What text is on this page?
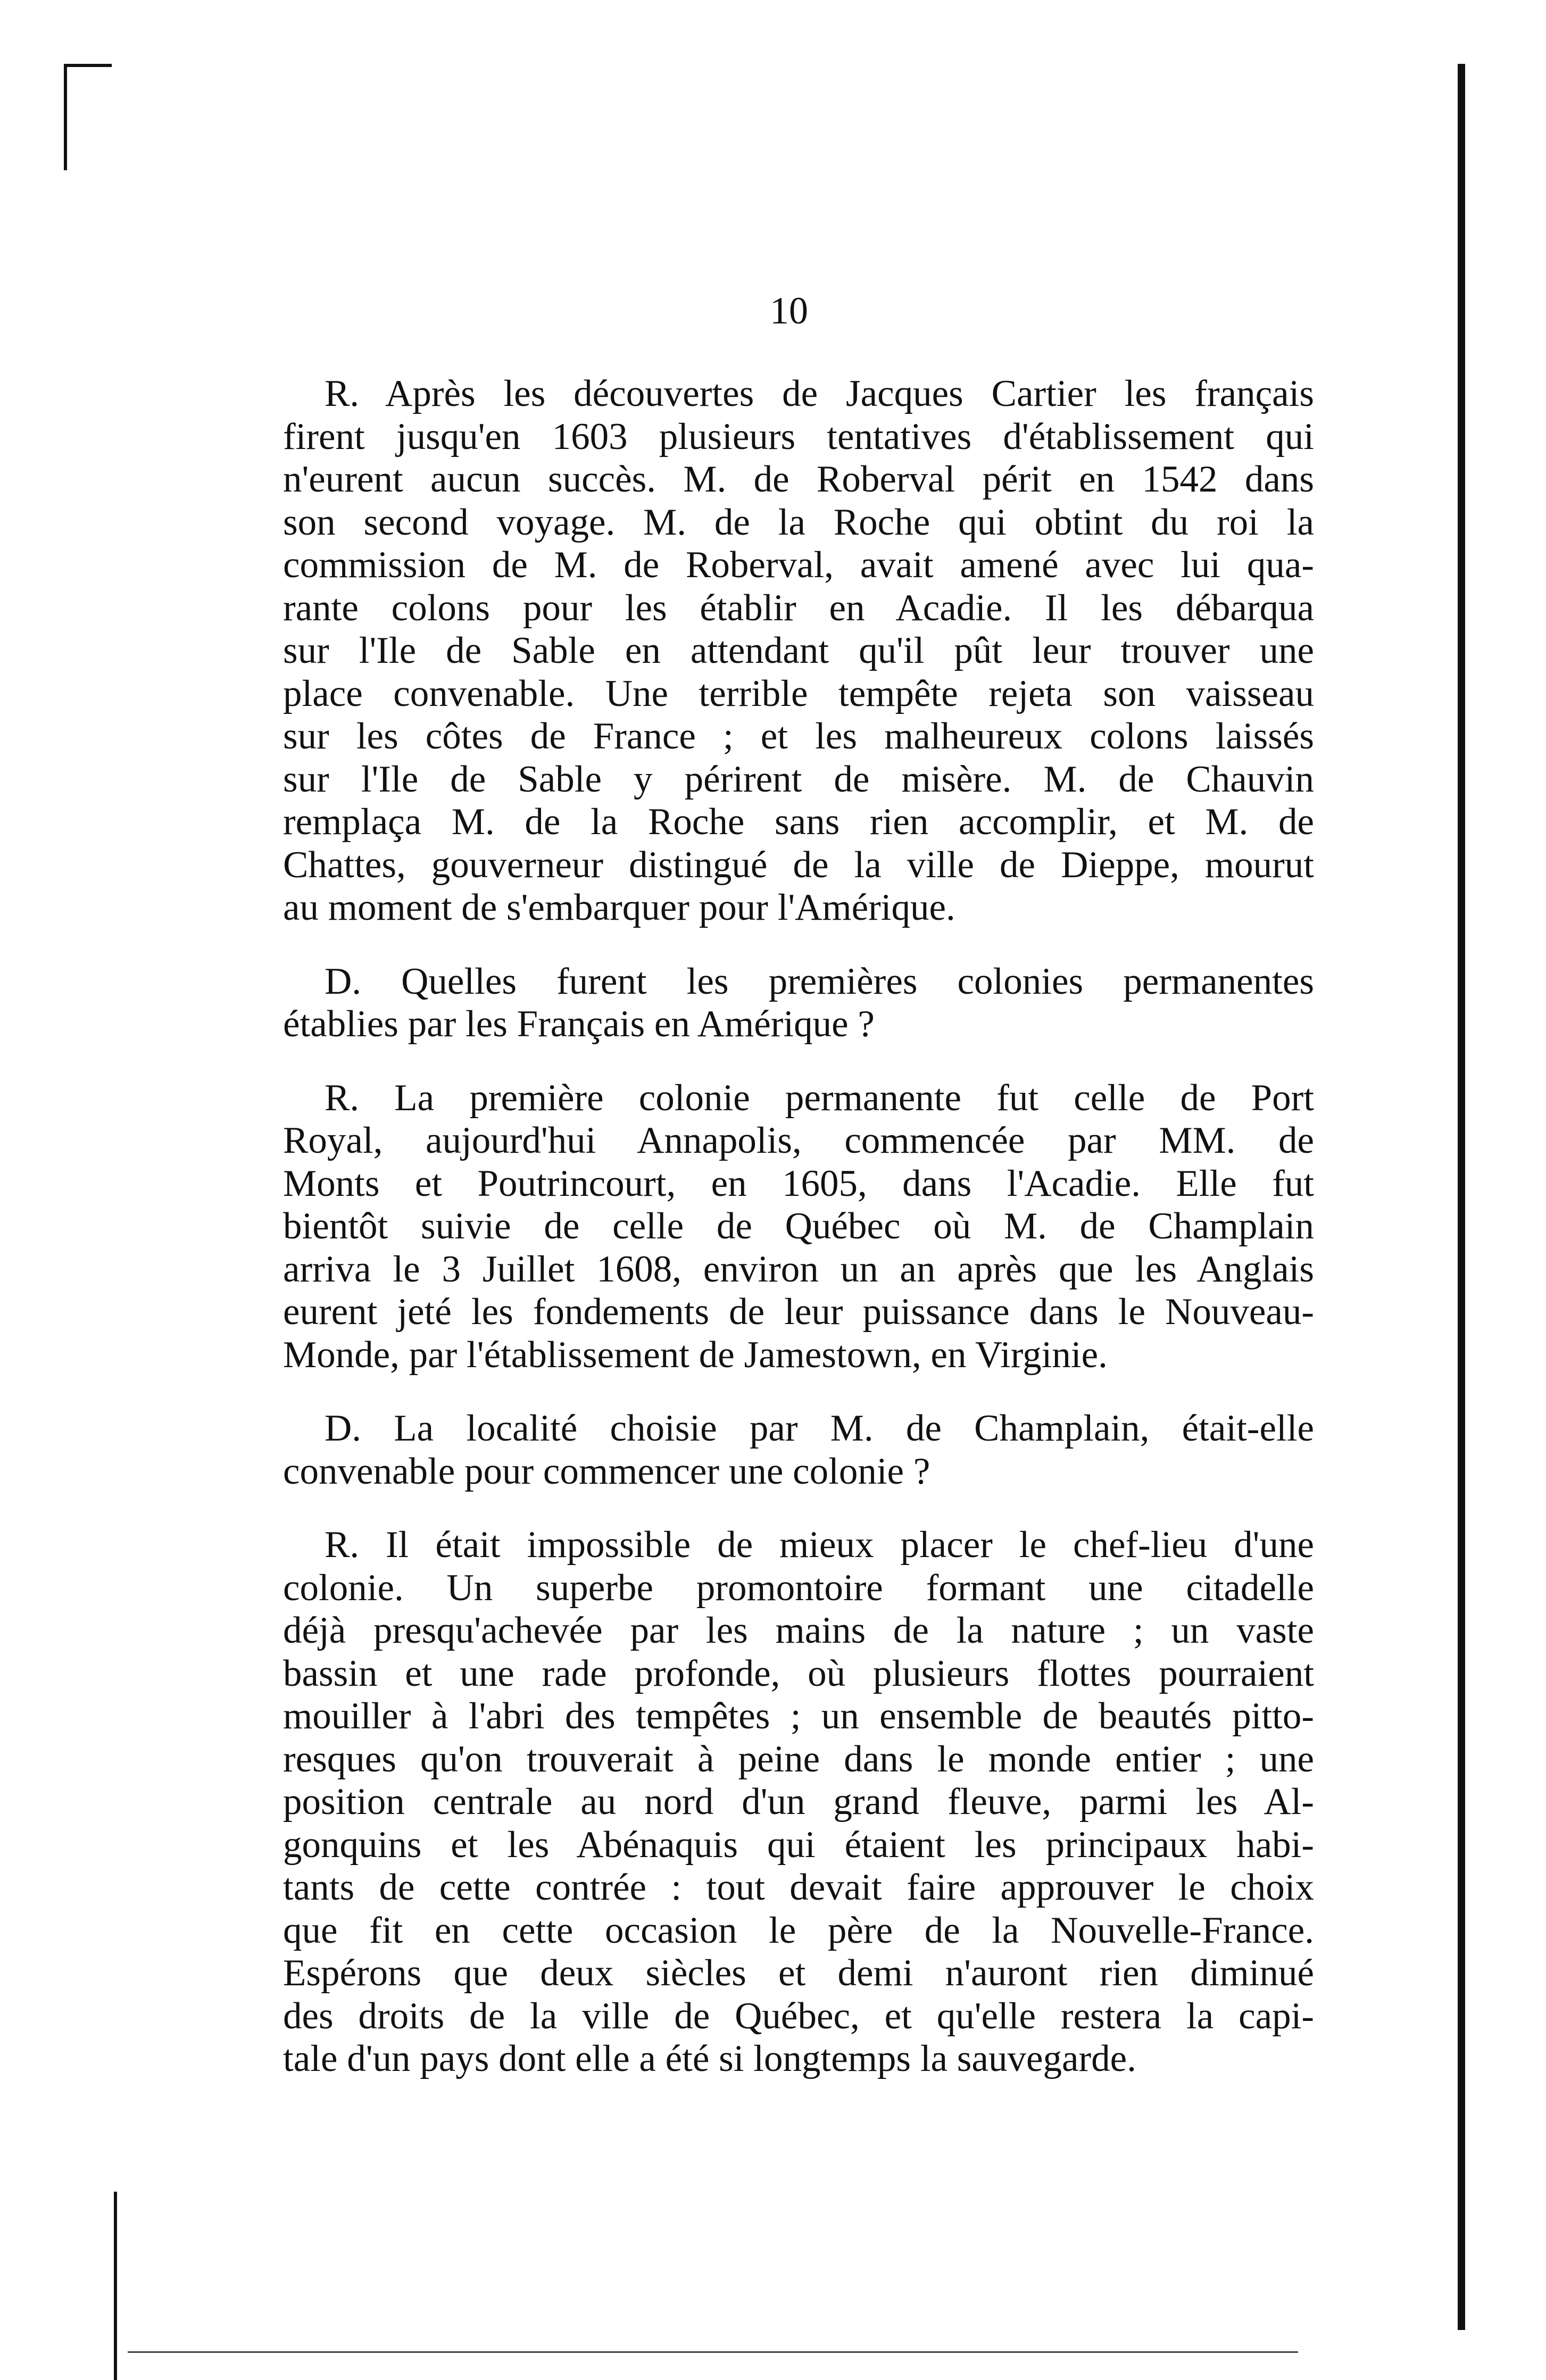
10

R. Après les découvertes de Jacques Cartier les français
firent jusqu'en 1603 plusieurs tentatives d'établissement qui
n'eurent aucun succès. M. de Roberval périt en 1542 dans
son second voyage. M. de la Roche qui obtint du roi la
commission de M. de Roberval, avait amené avec lui qua-
rante colons pour les établir en Acadie. Il les débarqua
sur l'Ile de Sable en attendant qu'il pût leur trouver une
place convenable. Une terrible tempête rejeta son vaisseau
sur les côtes de France ; et les malheureux colons laissés
sur l'Ile de Sable y périrent de misère. M. de Chauvin
remplaça M. de la Roche sans rien accomplir, et M. de
Chattes, gouverneur distingué de la ville de Dieppe, mourut
au moment de s'embarquer pour l'Amérique.

D. Quelles furent les premières colonies permanentes
établies par les Français en Amérique ?

R. La première colonie permanente fut celle de Port
Royal, aujourd'hui Annapolis, commencée par MM. de
Monts et Poutrincourt, en 1605, dans l'Acadie. Elle fut
bientôt suivie de celle de Québec où M. de Champlain
arriva le 3 Juillet 1608, environ un an après que les Anglais
eurent jeté les fondements de leur puissance dans le Nouveau-
Monde, par l'établissement de Jamestown, en Virginie.

D. La localité choisie par M. de Champlain, était-elle
convenable pour commencer une colonie ?

R. Il était impossible de mieux placer le chef-lieu d'une
colonie. Un superbe promontoire formant une citadelle
déjà presqu'achevée par les mains de la nature ; un vaste
bassin et une rade profonde, où plusieurs flottes pourraient
mouiller à l'abri des tempêtes ; un ensemble de beautés pitto-
resques qu'on trouverait à peine dans le monde entier ; une
position centrale au nord d'un grand fleuve, parmi les Al-
gonquins et les Abénaquis qui étaient les principaux habi-
tants de cette contrée : tout devait faire approuver le choix
que fit en cette occasion le père de la Nouvelle-France.
Espérons que deux siècles et demi n'auront rien diminué
des droits de la ville de Québec, et qu'elle restera la capi-
tale d'un pays dont elle a été si longtemps la sauvegarde.
